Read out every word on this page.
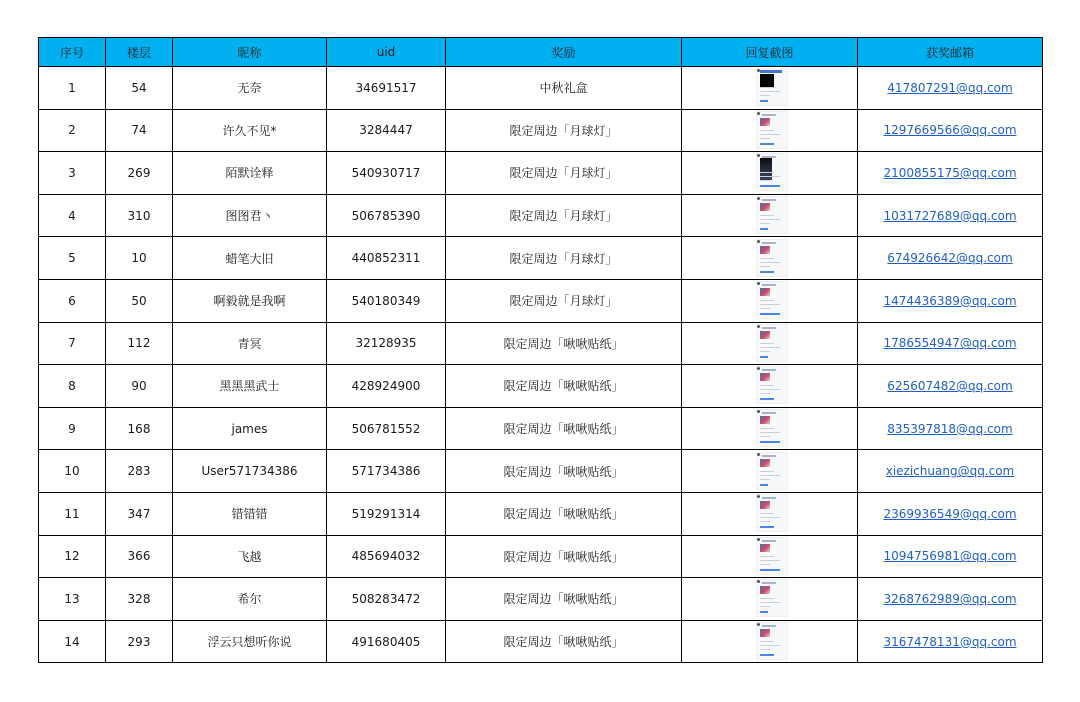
序号	楼层	昵称	uid	奖励	回复截图	获奖邮箱
1	54	无奈	34691517	中秋礼盒		417807291@qq.com
2	74	许久不见*	3284447	限定周边「月球灯」		1297669566@qq.com
3	269	陌默诠释	540930717	限定周边「月球灯」		2100855175@qq.com
4	310	图图君丶	506785390	限定周边「月球灯」		1031727689@qq.com
5	10	蜡笔大旧	440852311	限定周边「月球灯」		674926642@qq.com
6	50	啊毅就是我啊	540180349	限定周边「月球灯」		1474436389@qq.com
7	112	青冥	32128935	限定周边「啾啾贴纸」		1786554947@qq.com
8	90	黑黑黑武士	428924900	限定周边「啾啾贴纸」		625607482@qq.com
9	168	james	506781552	限定周边「啾啾贴纸」		835397818@qq.com
10	283	User571734386	571734386	限定周边「啾啾贴纸」		xiezichuang@qq.com
11	347	错错错	519291314	限定周边「啾啾贴纸」		2369936549@qq.com
12	366	飞越	485694032	限定周边「啾啾贴纸」		1094756981@qq.com
13	328	希尔	508283472	限定周边「啾啾贴纸」		3268762989@qq.com
14	293	浮云只想听你说	491680405	限定周边「啾啾贴纸」		3167478131@qq.com
